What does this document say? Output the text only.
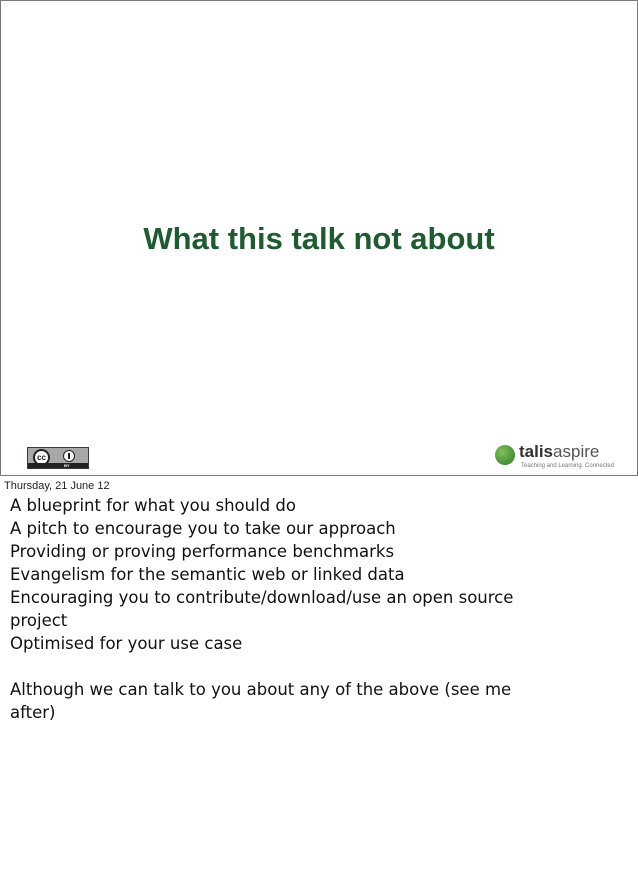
What this talk not about
cc
BY
talisaspire
Teaching and Learning. Connected
Thursday, 21 June 12
A blueprint for what you should do
A pitch to encourage you to take our approach
Providing or proving performance benchmarks
Evangelism for the semantic web or linked data
Encouraging you to contribute/download/use an open source
project
Optimised for your use case
Although we can talk to you about any of the above (see me
after)
